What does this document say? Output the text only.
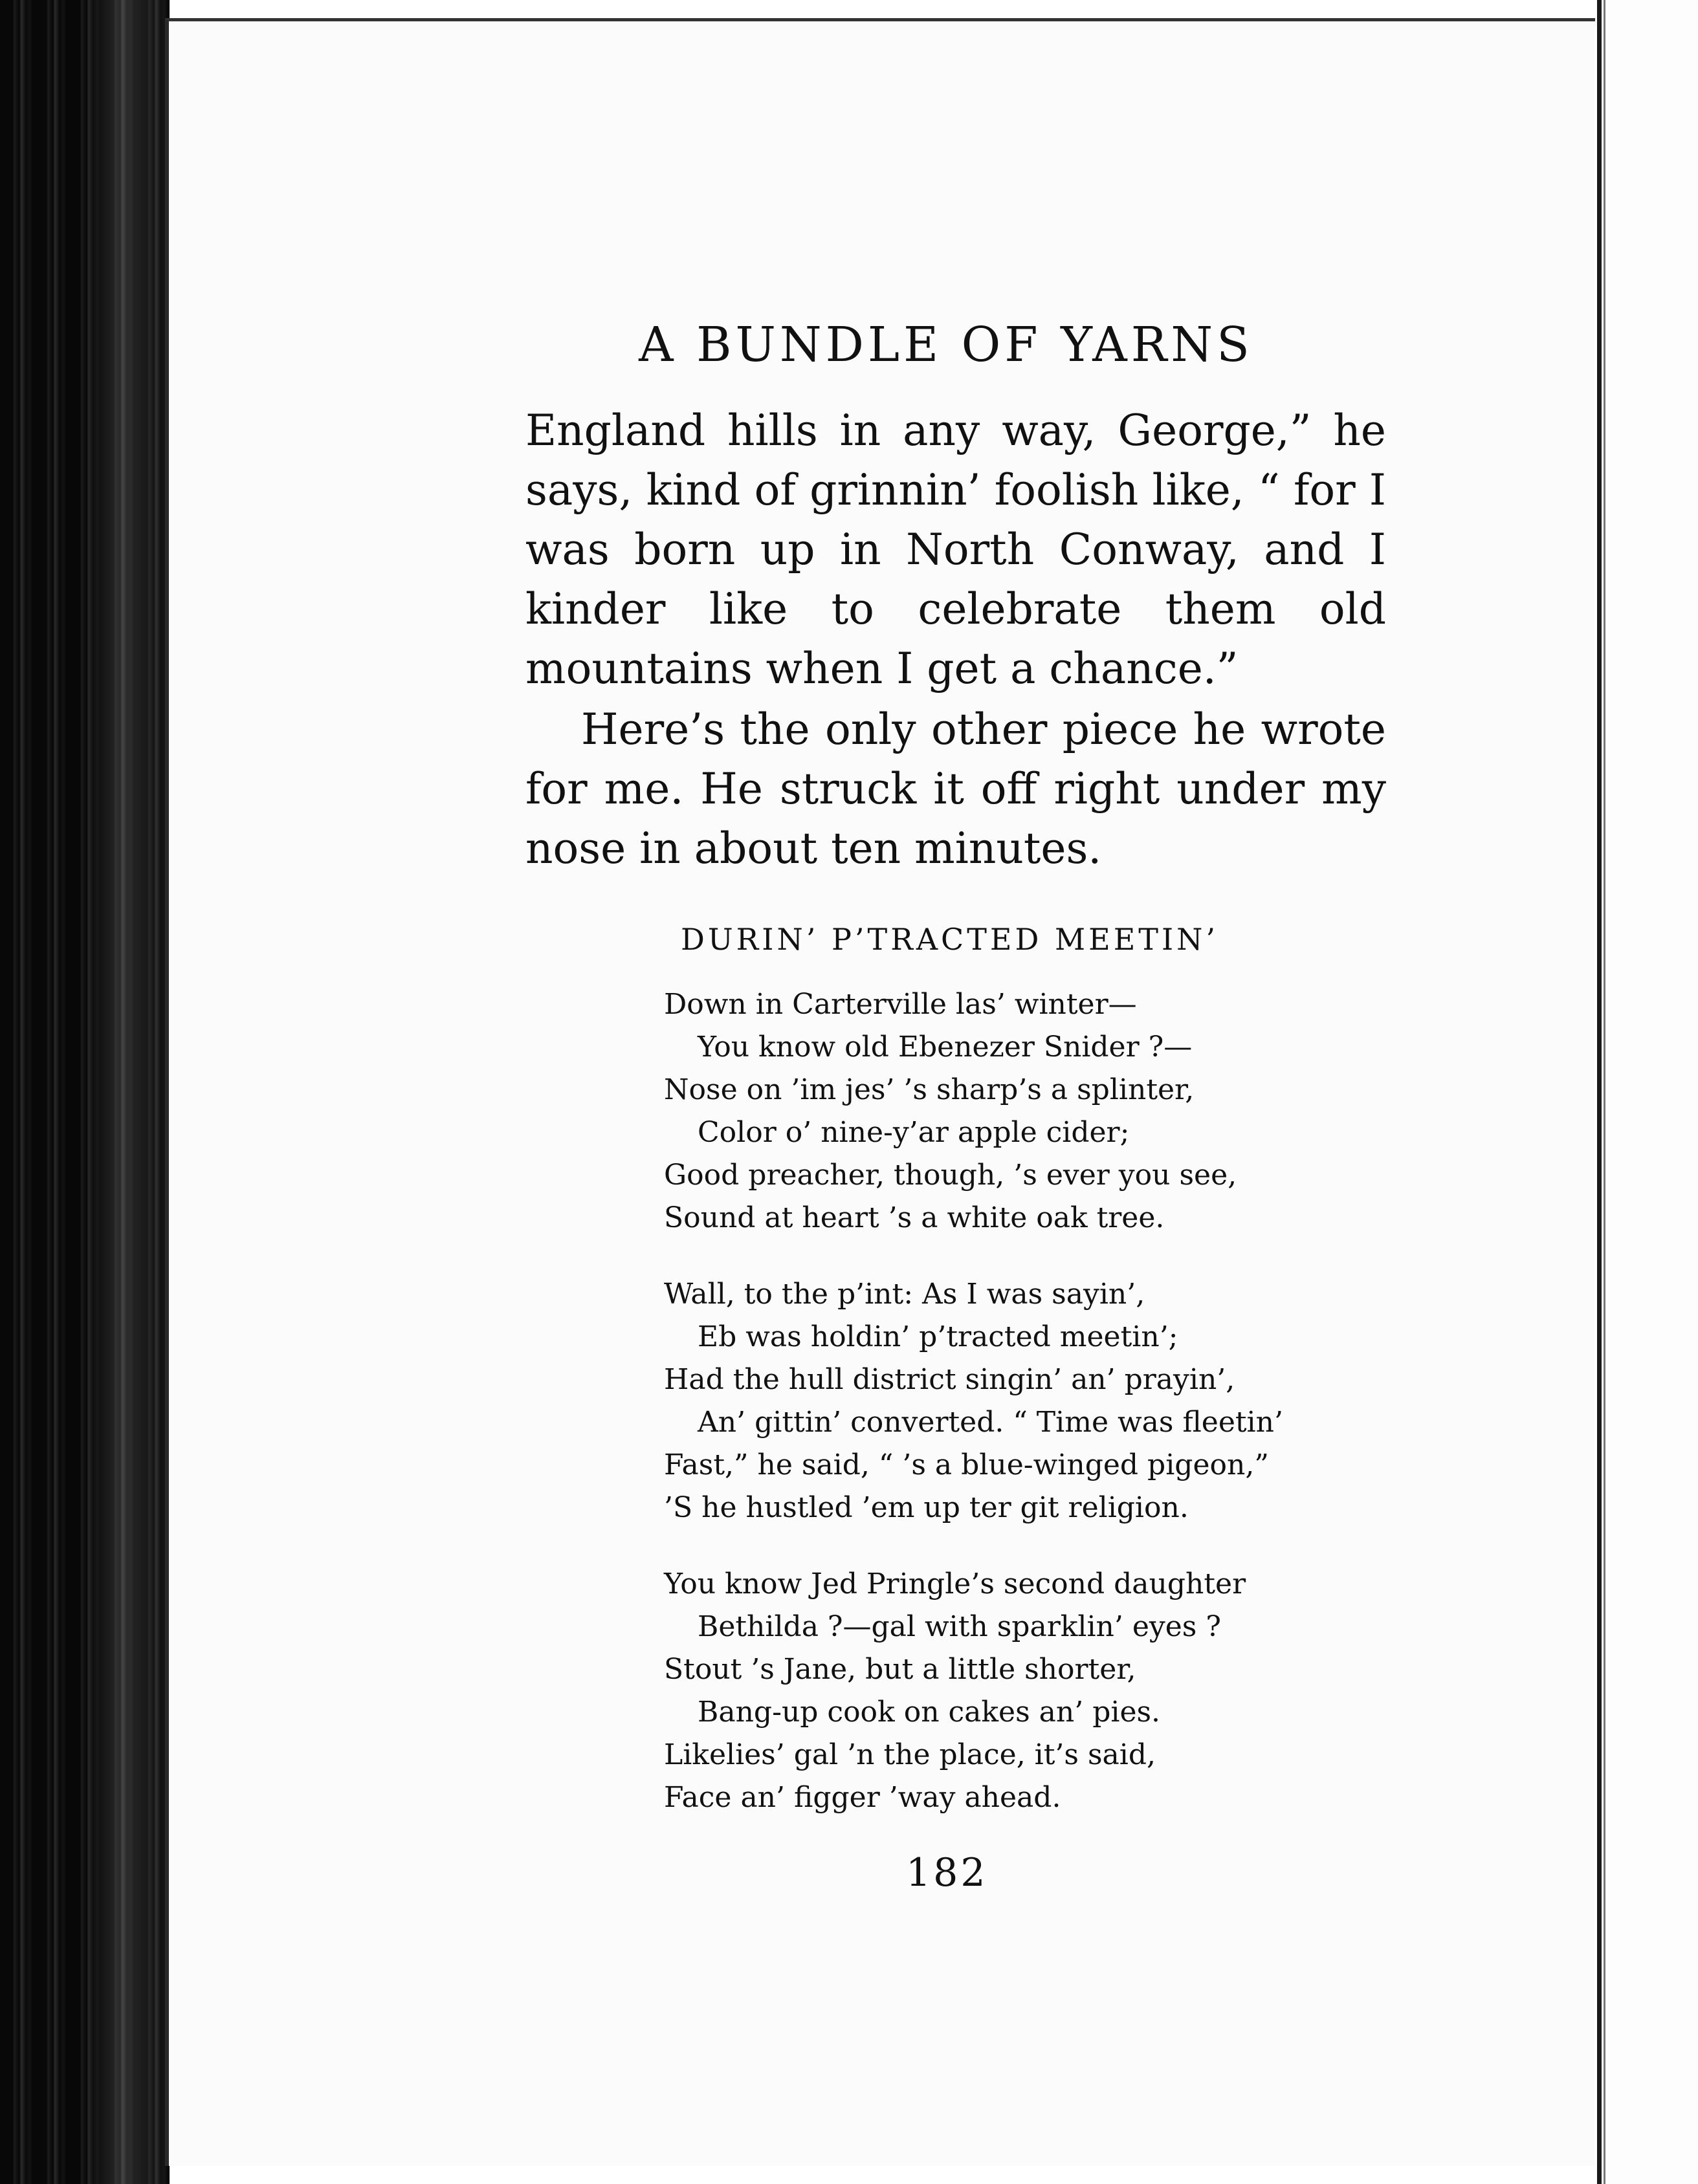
A BUNDLE OF YARNS

England hills in any way, George,” he says, kind of grinnin’ foolish like, “ for I was born up in North Conway, and I kinder like to celebrate them old mountains when I get a chance.”

Here’s the only other piece he wrote for me. He struck it off right under my nose in about ten minutes.

DURIN’ P’TRACTED MEETIN’
Down in Carterville las’ winter—
You know old Ebenezer Snider ?—
Nose on ’im jes’ ’s sharp’s a splinter,
Color o’ nine-y’ar apple cider;
Good preacher, though, ’s ever you see,
Sound at heart ’s a white oak tree.
Wall, to the p’int: As I was sayin’,
Eb was holdin’ p’tracted meetin’;
Had the hull district singin’ an’ prayin’,
An’ gittin’ converted. “ Time was fleetin’
Fast,” he said, “ ’s a blue-winged pigeon,”
’S he hustled ’em up ter git religion.
You know Jed Pringle’s second daughter
Bethilda ?—gal with sparklin’ eyes ?
Stout ’s Jane, but a little shorter,
Bang-up cook on cakes an’ pies.
Likelies’ gal ’n the place, it’s said,
Face an’ figger ’way ahead.
182
